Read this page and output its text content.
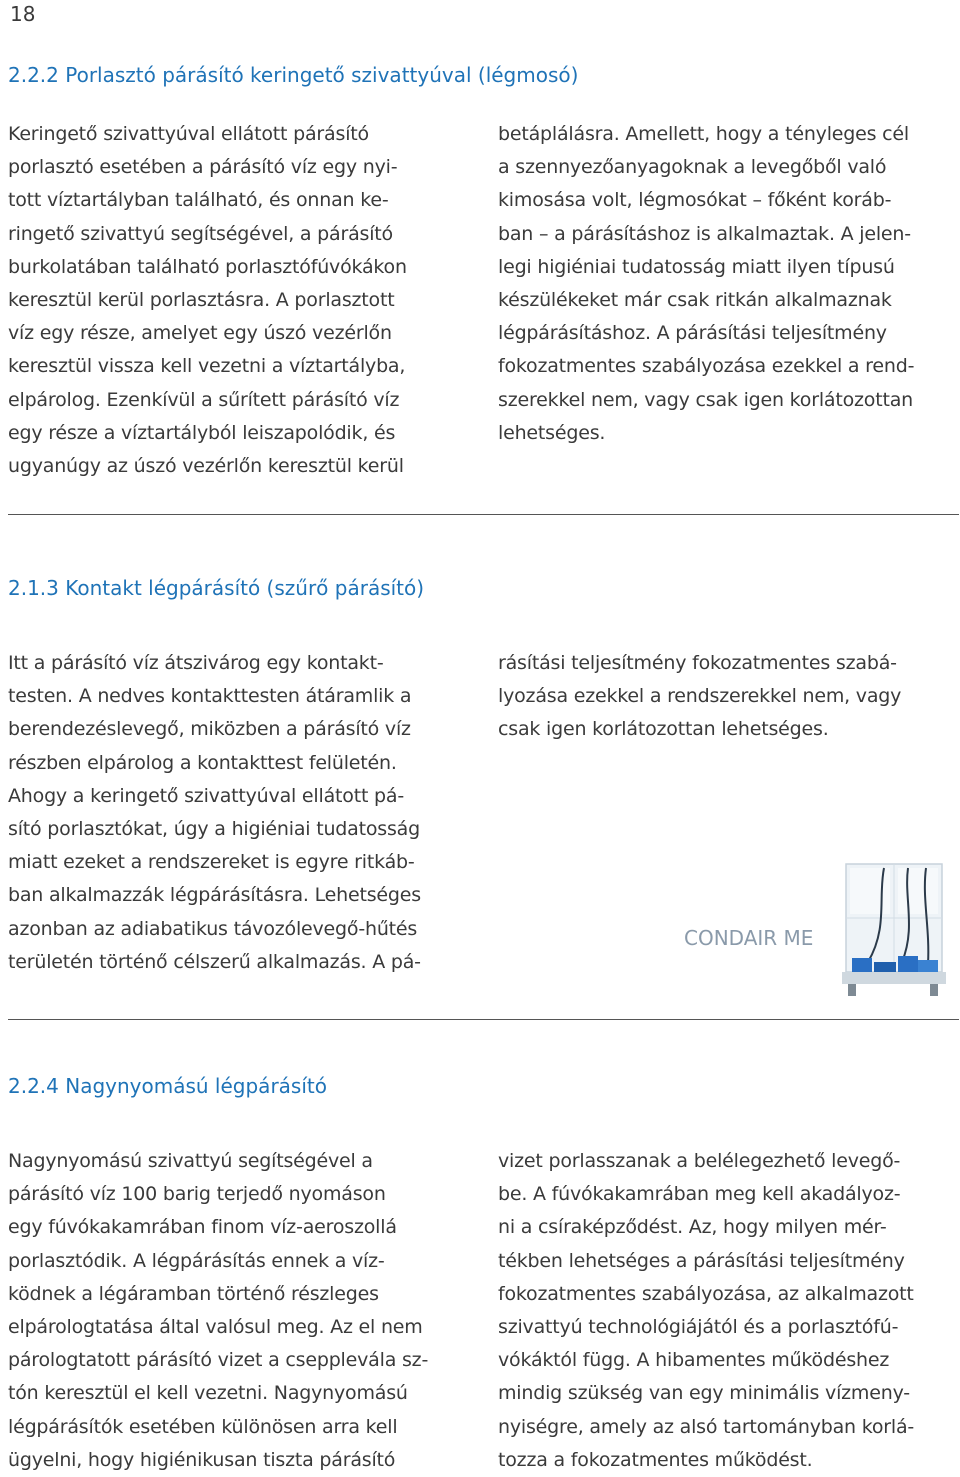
18
2.2.2 Porlasztó párásító keringető szivattyúval (légmosó)
Keringető szivattyúval ellátott párásító
porlasztó esetében a párásító víz egy nyi-
tott víztartályban található, és onnan ke-
ringető szivattyú segítségével, a párásító
burkolatában található porlasztófúvókákon
keresztül kerül porlasztásra. A porlasztott
víz egy része, amelyet egy úszó vezérlőn
keresztül vissza kell vezetni a víztartályba,
elpárolog. Ezenkívül a sűrített párásító víz
egy része a víztartályból leiszapolódik, és
ugyanúgy az úszó vezérlőn keresztül kerül
betáplálásra. Amellett, hogy a tényleges cél
a szennyezőanyagoknak a levegőből való
kimosása volt, légmosókat – főként koráb-
ban – a párásításhoz is alkalmaztak. A jelen-
legi higiéniai tudatosság miatt ilyen típusú
készülékeket már csak ritkán alkalmaznak
légpárásításhoz. A párásítási teljesítmény
fokozatmentes szabályozása ezekkel a rend-
szerekkel nem, vagy csak igen korlátozottan
lehetséges.
2.1.3 Kontakt légpárásító (szűrő párásító)
Itt a párásító víz átszivárog egy kontakt-
testen. A nedves kontakttesten átáramlik a
berendezéslevegő, miközben a párásító víz
részben elpárolog a kontakttest felületén.
Ahogy a keringető szivattyúval ellátott pá-
sító porlasztókat, úgy a higiéniai tudatosság
miatt ezeket a rendszereket is egyre ritkáb-
ban alkalmazzák légpárásításra. Lehetséges
azonban az adiabatikus távozólevegő-hűtés
területén történő célszerű alkalmazás. A pá-
rásítási teljesítmény fokozatmentes szabá-
lyozása ezekkel a rendszerekkel nem, vagy
csak igen korlátozottan lehetséges.
CONDAIR ME
2.2.4 Nagynyomású légpárásító
Nagynyomású szivattyú segítségével a
párásító víz 100 barig terjedő nyomáson
egy fúvókakamrában finom víz-aeroszollá
porlasztódik. A légpárásítás ennek a víz-
ködnek a légáramban történő részleges
elpárologtatása által valósul meg. Az el nem
párologtatott párásító vizet a csepplevála sz-
tón keresztül el kell vezetni. Nagynyomású
légpárásítók esetében különösen arra kell
ügyelni, hogy higiénikusan tiszta párásító
vizet porlasszanak a belélegezhető levegő-
be. A fúvókakamrában meg kell akadályoz-
ni a csíraképződést. Az, hogy milyen mér-
tékben lehetséges a párásítási teljesítmény
fokozatmentes szabályozása, az alkalmazott
szivattyú technológiájától és a porlasztófú-
vókáktól függ. A hibamentes működéshez
mindig szükség van egy minimális vízmeny-
nyiségre, amely az alsó tartományban korlá-
tozza a fokozatmentes működést.
